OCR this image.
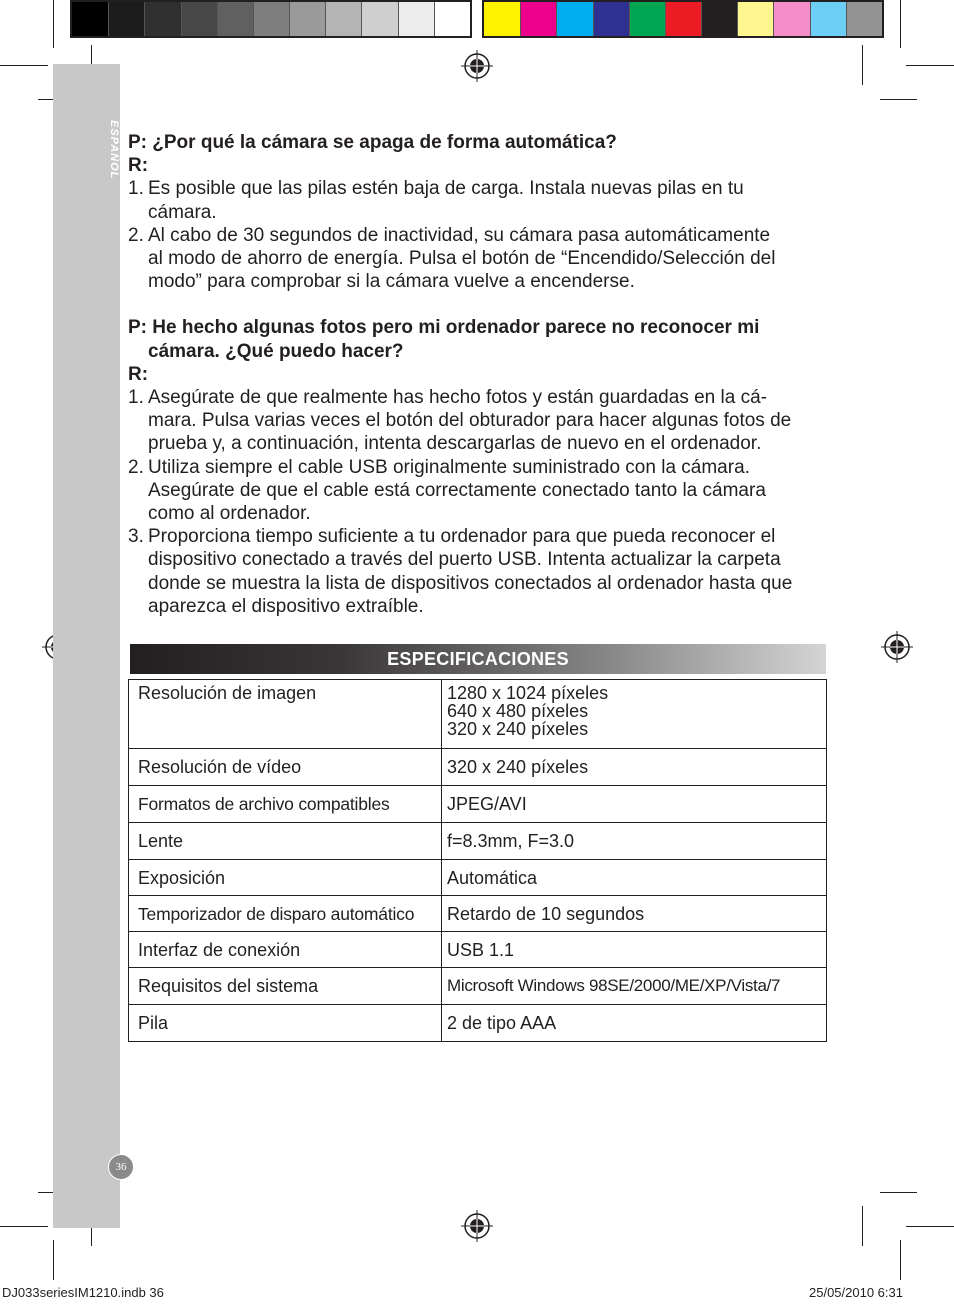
ESPAÑOL
36
P: ¿Por qué la cámara se apaga de forma automática?
R:
1. Es posible que las pilas estén baja de carga. Instala nuevas pilas en tu
cámara.
2. Al cabo de 30 segundos de inactividad, su cámara pasa automáticamente
al modo de ahorro de energía. Pulsa el botón de “Encendido/Selección del
modo” para comprobar si la cámara vuelve a encenderse.
P: He hecho algunas fotos pero mi ordenador parece no reconocer mi
cámara. ¿Qué puedo hacer?
R:
1. Asegúrate de que realmente has hecho fotos y están guardadas en la cá-
mara. Pulsa varias veces el botón del obturador para hacer algunas fotos de
prueba y, a continuación, intenta descargarlas de nuevo en el ordenador.
2. Utiliza siempre el cable USB originalmente suministrado con la cámara.
Asegúrate de que el cable está correctamente conectado tanto la cámara
como al ordenador.
3. Proporciona tiempo suficiente a tu ordenador para que pueda reconocer el
dispositivo conectado a través del puerto USB. Intenta actualizar la carpeta
donde se muestra la lista de dispositivos conectados al ordenador hasta que
aparezca el dispositivo extraíble.
ESPECIFICACIONES
Resolución de imagen	1280 x 1024 píxeles
640 x 480 píxeles
320 x 240 píxeles

Resolución de vídeo	320 x 240 píxeles

Formatos de archivo compatibles	JPEG/AVI

Lente	f=8.3mm, F=3.0

Exposición	Automática

Temporizador de disparo automático	Retardo de 10 segundos

Interfaz de conexión	USB 1.1

Requisitos del sistema	Microsoft Windows 98SE/2000/ME/XP/Vista/7

Pila	2 de tipo AAA
DJ033seriesIM1210.indb 36	25/05/2010 6:31
